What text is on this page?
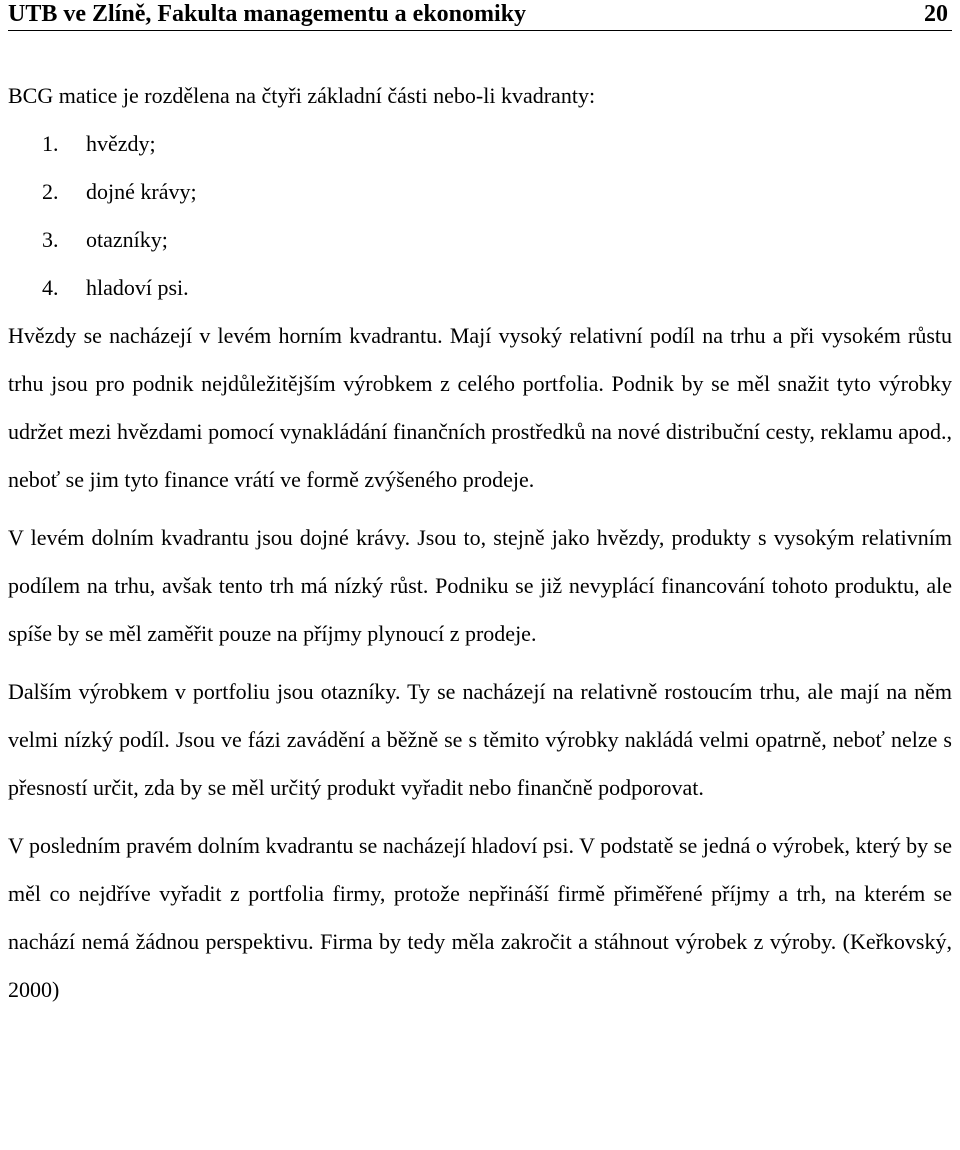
UTB ve Zlíně, Fakulta managementu a ekonomiky	20

BCG matice je rozdělena na čtyři základní části nebo-li kvadranty:

1.	hvězdy;
2.	dojné krávy;
3.	otazníky;
4.	hladoví psi.

Hvězdy se nacházejí v levém horním kvadrantu. Mají vysoký relativní podíl na trhu a při vysokém růstu trhu jsou pro podnik nejdůležitějším výrobkem z celého portfolia. Podnik by se měl snažit tyto výrobky udržet mezi hvězdami pomocí vynakládání finančních prostředků na nové distribuční cesty, reklamu apod., neboť se jim tyto finance vrátí ve formě zvýšeného prodeje.

V levém dolním kvadrantu jsou dojné krávy. Jsou to, stejně jako hvězdy, produkty s vysokým relativním podílem na trhu, avšak tento trh má nízký růst. Podniku se již nevyplácí financování tohoto produktu, ale spíše by se měl zaměřit pouze na příjmy plynoucí z prodeje.

Dalším výrobkem v portfoliu jsou otazníky. Ty se nacházejí na relativně rostoucím trhu, ale mají na něm velmi nízký podíl. Jsou ve fázi zavádění a běžně se s těmito výrobky nakládá velmi opatrně, neboť nelze s přesností určit, zda by se měl určitý produkt vyřadit nebo finančně podporovat.

V posledním pravém dolním kvadrantu se nacházejí hladoví psi. V podstatě se jedná o výrobek, který by se měl co nejdříve vyřadit z portfolia firmy, protože nepřináší firmě přiměřené příjmy a trh, na kterém se nachází nemá žádnou perspektivu. Firma by tedy měla zakročit a stáhnout výrobek z výroby. (Keřkovský, 2000)
